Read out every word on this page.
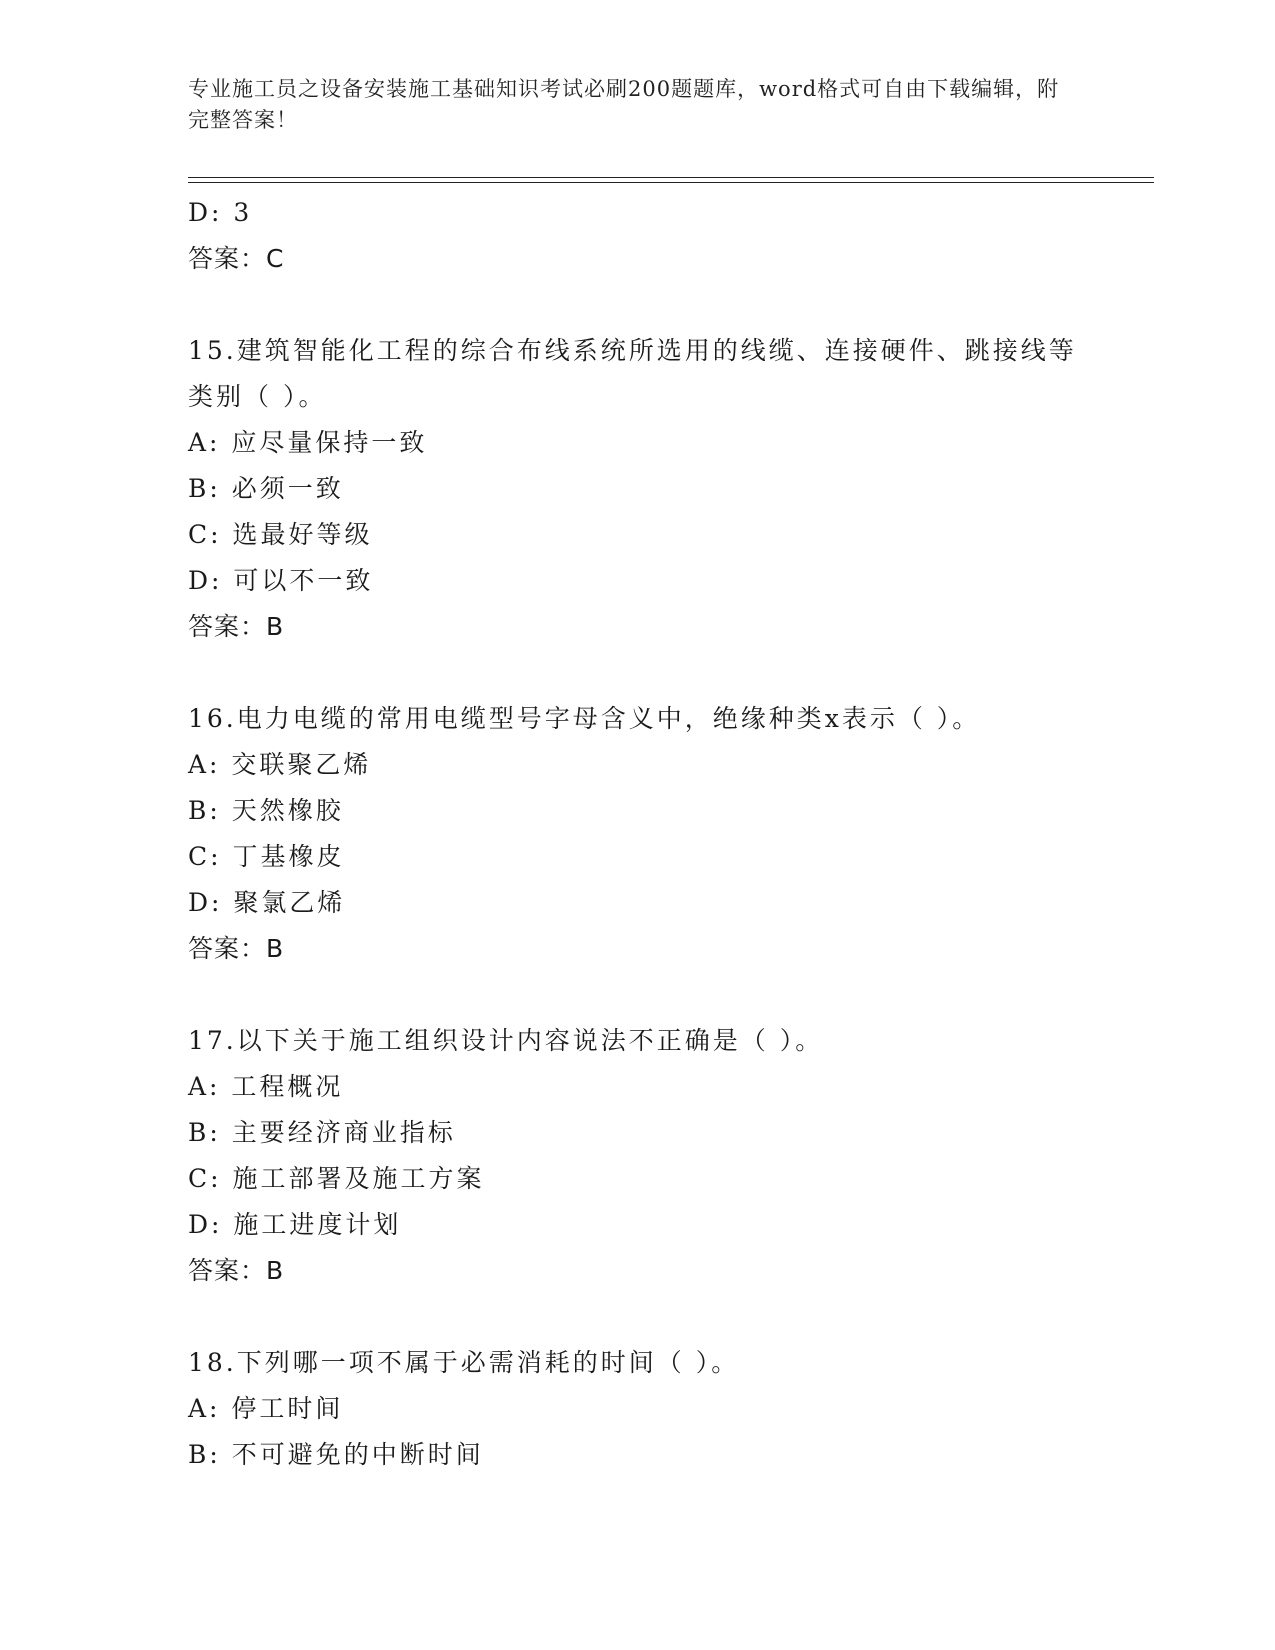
专业施工员之设备安装施工基础知识考试必刷200题题库，word格式可自由下载编辑，附完整答案！
D: 3
答案：C
15.建筑智能化工程的综合布线系统所选用的线缆、连接硬件、跳接线等类别（ ）。
A: 应尽量保持一致
B: 必须一致
C: 选最好等级
D: 可以不一致
答案：B
16.电力电缆的常用电缆型号字母含义中，绝缘种类x表示（ ）。
A: 交联聚乙烯
B: 天然橡胶
C: 丁基橡皮
D: 聚氯乙烯
答案：B
17.以下关于施工组织设计内容说法不正确是（ ）。
A: 工程概况
B: 主要经济商业指标
C: 施工部署及施工方案
D: 施工进度计划
答案：B
18.下列哪一项不属于必需消耗的时间（ ）。
A: 停工时间
B: 不可避免的中断时间
